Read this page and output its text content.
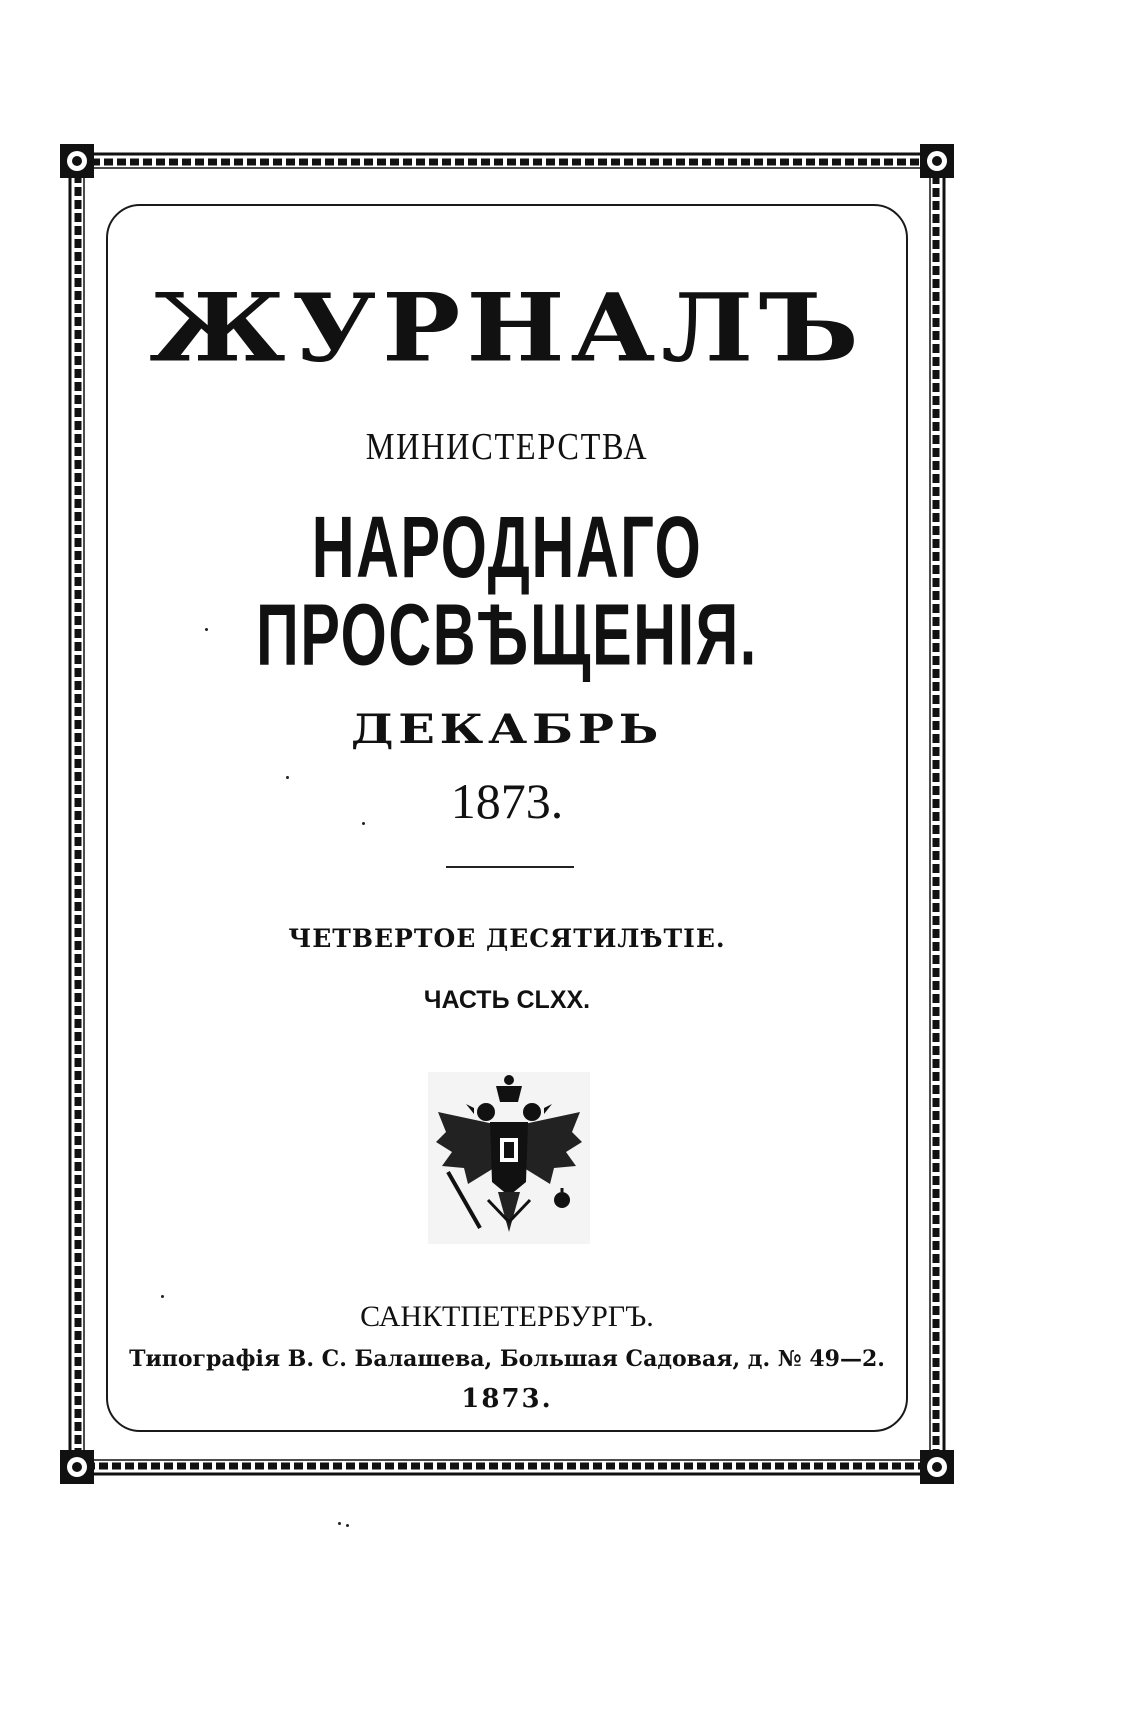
ЖУРНАЛЪ
МИНИСТЕРСТВА
НАРОДНАГО ПРОСВѢЩЕНІЯ.
ДЕКАБРЬ
1873.
ЧЕТВЕРТОЕ ДЕСЯТИЛѢТІЕ.
ЧАСТЬ CLXX.
САНКТПЕТЕРБУРГЪ.
Типографія В. С. Балашева, Большая Садовая, д. № 49—2.
1873.
